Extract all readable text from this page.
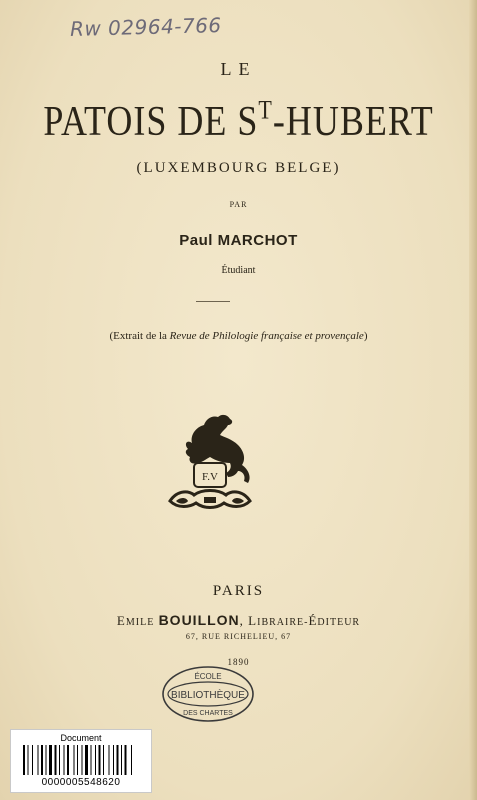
Rw 02964-766
LE
PATOIS DE $S^T$-HUBERT
(LUXEMBOURG BELGE)
PAR
Paul MARCHOT
Étudiant
(Extrait de la Revue de Philologie française et provençale)
F.V
PARIS
EMILE BOUILLON, LIBRAIRE-ÉDITEUR
67, RUE RICHELIEU, 67
1890
ÉCOLE
BIBLIOTHÈQUE
DES CHARTES
Document
0000005548620
